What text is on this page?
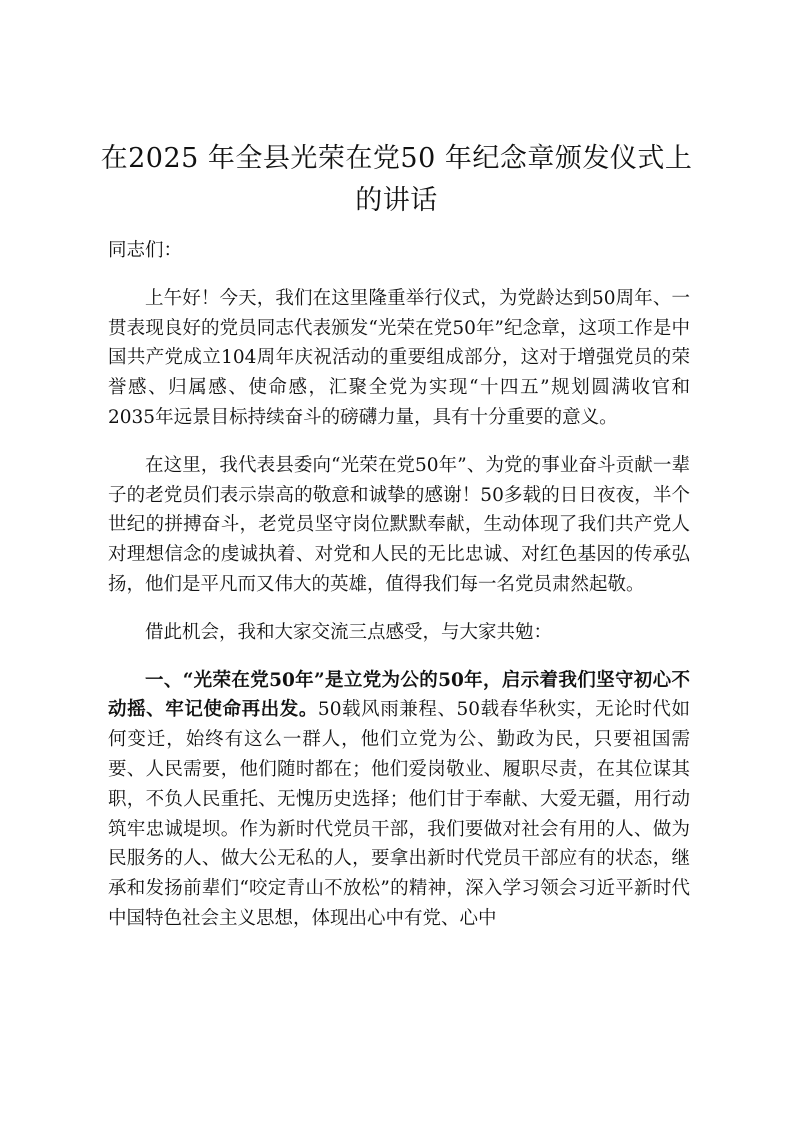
在2025 年全县光荣在党50 年纪念章颁发仪式上的讲话

同志们：

上午好！今天，我们在这里隆重举行仪式，为党龄达到50周年、一贯表现良好的党员同志代表颁发“光荣在党50年”纪念章，这项工作是中国共产党成立104周年庆祝活动的重要组成部分，这对于增强党员的荣誉感、归属感、使命感，汇聚全党为实现“十四五”规划圆满收官和2035年远景目标持续奋斗的磅礴力量，具有十分重要的意义。

在这里，我代表县委向“光荣在党50年”、为党的事业奋斗贡献一辈子的老党员们表示崇高的敬意和诚挚的感谢！50多载的日日夜夜，半个世纪的拼搏奋斗，老党员坚守岗位默默奉献，生动体现了我们共产党人对理想信念的虔诚执着、对党和人民的无比忠诚、对红色基因的传承弘扬，他们是平凡而又伟大的英雄，值得我们每一名党员肃然起敬。

借此机会，我和大家交流三点感受，与大家共勉：

一、“光荣在党50年”是立党为公的50年，启示着我们坚守初心不动摇、牢记使命再出发。50载风雨兼程、50载春华秋实，无论时代如何变迁，始终有这么一群人，他们立党为公、勤政为民，只要祖国需要、人民需要，他们随时都在；他们爱岗敬业、履职尽责，在其位谋其职，不负人民重托、无愧历史选择；他们甘于奉献、大爱无疆，用行动筑牢忠诚堤坝。作为新时代党员干部，我们要做对社会有用的人、做为民服务的人、做大公无私的人，要拿出新时代党员干部应有的状态，继承和发扬前辈们“咬定青山不放松”的精神，深入学习领会习近平新时代中国特色社会主义思想，体现出心中有党、心中
